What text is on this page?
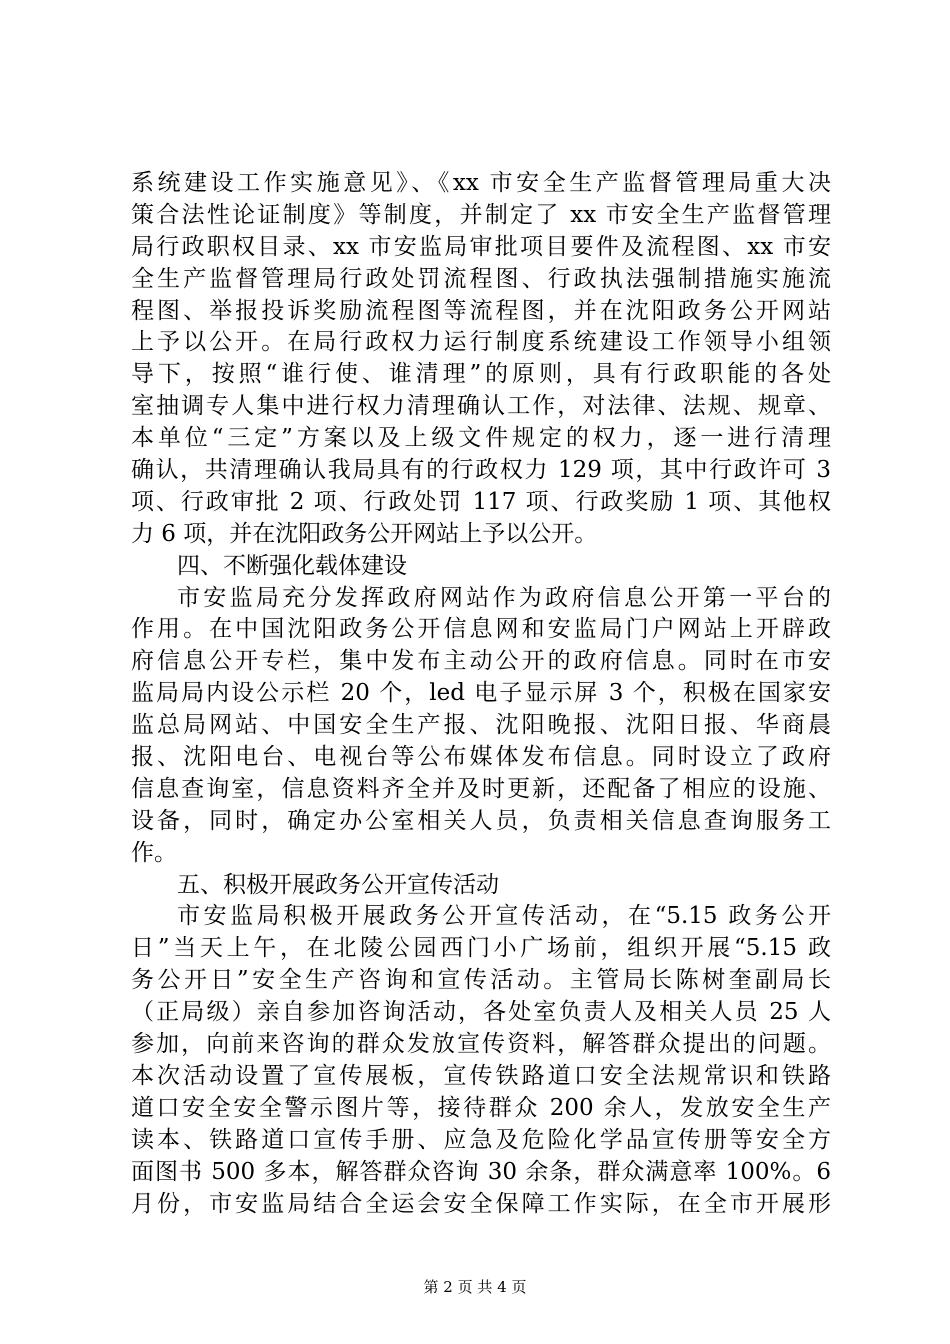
系统建设工作实施意见》、《xx 市安全生产监督管理局重大决
策合法性论证制度》等制度，并制定了 xx 市安全生产监督管理
局行政职权目录、xx 市安监局审批项目要件及流程图、xx 市安
全生产监督管理局行政处罚流程图、行政执法强制措施实施流
程图、举报投诉奖励流程图等流程图，并在沈阳政务公开网站
上予以公开。在局行政权力运行制度系统建设工作领导小组领
导下，按照“谁行使、谁清理”的原则，具有行政职能的各处
室抽调专人集中进行权力清理确认工作，对法律、法规、规章、
本单位“三定”方案以及上级文件规定的权力，逐一进行清理
确认，共清理确认我局具有的行政权力 129 项，其中行政许可 3
项、行政审批 2 项、行政处罚 117 项、行政奖励 1 项、其他权
力 6 项，并在沈阳政务公开网站上予以公开。
四、不断强化载体建设
市安监局充分发挥政府网站作为政府信息公开第一平台的
作用。在中国沈阳政务公开信息网和安监局门户网站上开辟政
府信息公开专栏，集中发布主动公开的政府信息。同时在市安
监局局内设公示栏 20 个，led 电子显示屏 3 个，积极在国家安
监总局网站、中国安全生产报、沈阳晚报、沈阳日报、华商晨
报、沈阳电台、电视台等公布媒体发布信息。同时设立了政府
信息查询室，信息资料齐全并及时更新，还配备了相应的设施、
设备，同时，确定办公室相关人员，负责相关信息查询服务工
作。
五、积极开展政务公开宣传活动
市安监局积极开展政务公开宣传活动，在“5.15 政务公开
日”当天上午，在北陵公园西门小广场前，组织开展“5.15 政
务公开日”安全生产咨询和宣传活动。主管局长陈树奎副局长
（正局级）亲自参加咨询活动，各处室负责人及相关人员 25 人
参加，向前来咨询的群众发放宣传资料，解答群众提出的问题。
本次活动设置了宣传展板，宣传铁路道口安全法规常识和铁路
道口安全安全警示图片等，接待群众 200 余人，发放安全生产
读本、铁路道口宣传手册、应急及危险化学品宣传册等安全方
面图书 500 多本，解答群众咨询 30 余条，群众满意率 100%。6
月份，市安监局结合全运会安全保障工作实际，在全市开展形
第 2 页 共 4 页
